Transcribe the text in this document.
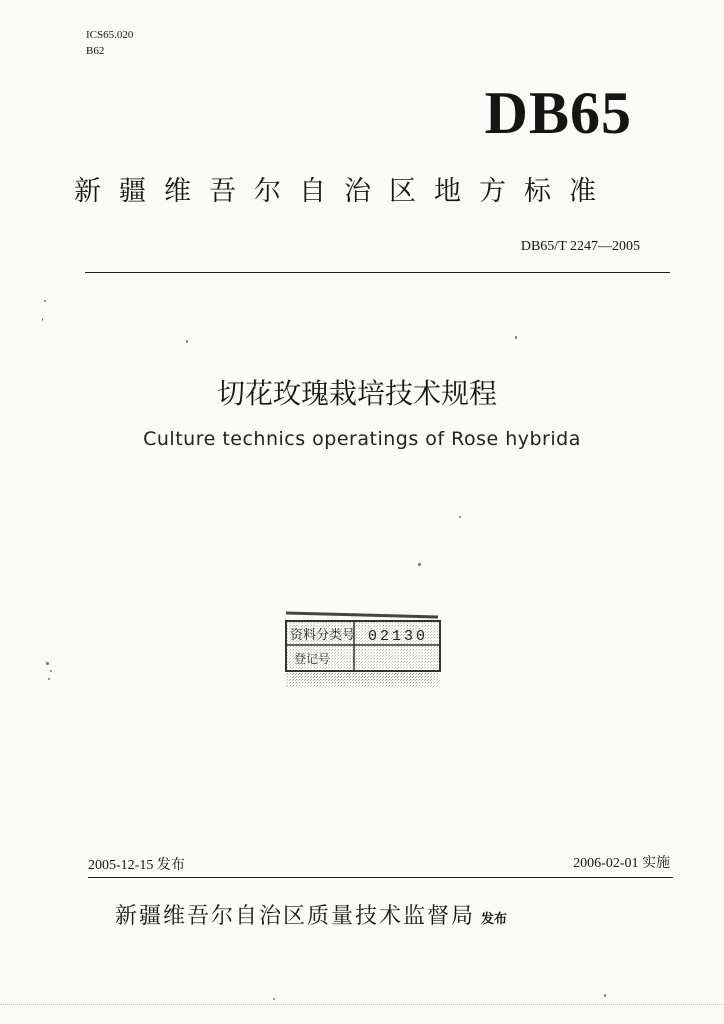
ICS65.020
B62
DB65
新疆维吾尔自治区地方标准
DB65/T 2247—2005
切花玫瑰栽培技术规程
Culture technics operatings of Rose hybrida
资料分类号
登记号
02130
2005-12-15 发布	2006-02-01 实施
新疆维吾尔自治区质量技术监督局 发布
